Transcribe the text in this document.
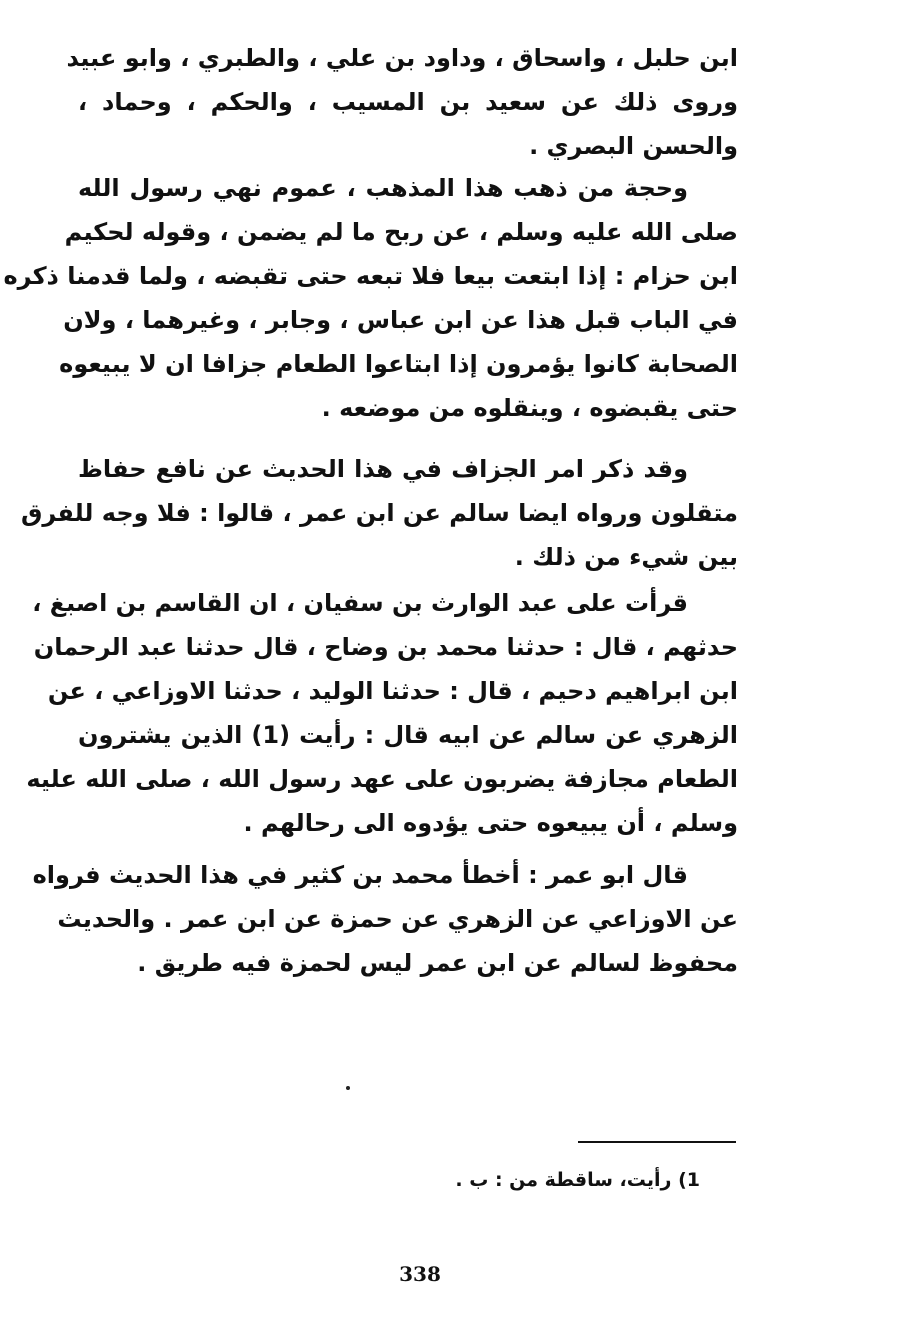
ابن حلبل ، واسحاق ، وداود بن علي ، والطبري ، وابو عبيد
وروى ذلك عن سعيد بن المسيب ، والحكم ، وحماد ،
والحسن البصري .
وحجة من ذهب هذا المذهب ، عموم نهي رسول الله
صلى الله عليه وسلم ، عن ربح ما لم يضمن ، وقوله لحكيم
ابن حزام : إذا ابتعت بيعا فلا تبعه حتى تقبضه ، ولما قدمنا ذكره
في الباب قبل هذا عن ابن عباس ، وجابر ، وغيرهما ، ولان
الصحابة كانوا يؤمرون إذا ابتاعوا الطعام جزافا ان لا يبيعوه
حتى يقبضوه ، وينقلوه من موضعه .
وقد ذكر امر الجزاف في هذا الحديث عن نافع حفاظ
متقلون ورواه ايضا سالم عن ابن عمر ، قالوا : فلا وجه للفرق
بين شيء من ذلك .
قرأت على عبد الوارث بن سفيان ، ان القاسم بن اصبغ ،
حدثهم ، قال : حدثنا محمد بن وضاح ، قال حدثنا عبد الرحمان
ابن ابراهيم دحيم ، قال : حدثنا الوليد ، حدثنا الاوزاعي ، عن
الزهري عن سالم عن ابيه قال : رأيت (1) الذين يشترون
الطعام مجازفة يضربون على عهد رسول الله ، صلى الله عليه
وسلم ، أن يبيعوه حتى يؤدوه الى رحالهم .
قال ابو عمر : أخطأ محمد بن كثير في هذا الحديث فرواه
عن الاوزاعي عن الزهري عن حمزة عن ابن عمر . والحديث
محفوظ لسالم عن ابن عمر ليس لحمزة فيه طريق .
1) رأيت، ساقطة من : ب .
338
